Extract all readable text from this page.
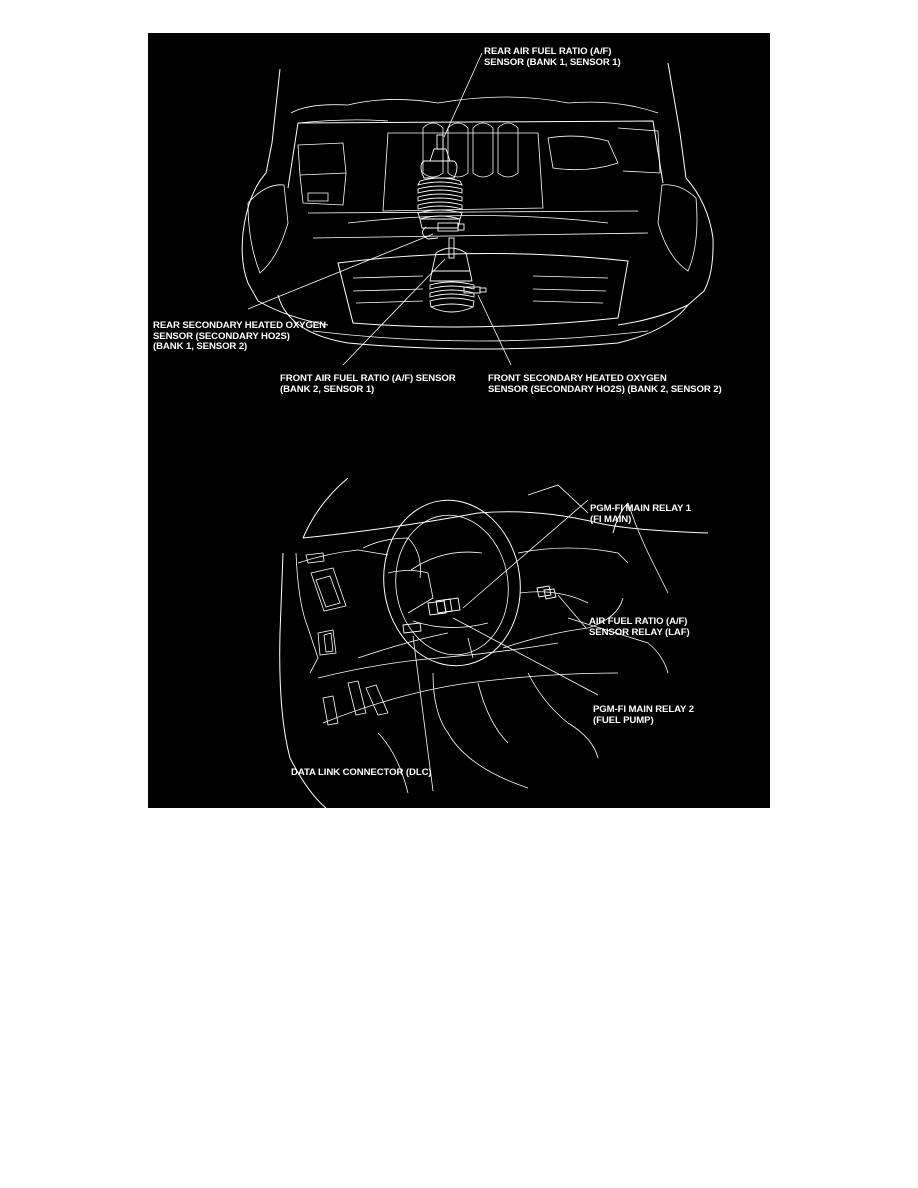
REAR AIR FUEL RATIO (A/F)
SENSOR (BANK 1, SENSOR 1)
REAR SECONDARY HEATED OXYGEN
SENSOR (SECONDARY HO2S)
(BANK 1, SENSOR 2)
FRONT AIR FUEL RATIO (A/F) SENSOR
(BANK 2, SENSOR 1)
FRONT SECONDARY HEATED OXYGEN
SENSOR (SECONDARY HO2S) (BANK 2, SENSOR 2)
PGM-FI MAIN RELAY 1
(FI MAIN)
AIR FUEL RATIO (A/F)
SENSOR RELAY (LAF)
PGM-FI MAIN RELAY 2
(FUEL PUMP)
DATA LINK CONNECTOR (DLC)
